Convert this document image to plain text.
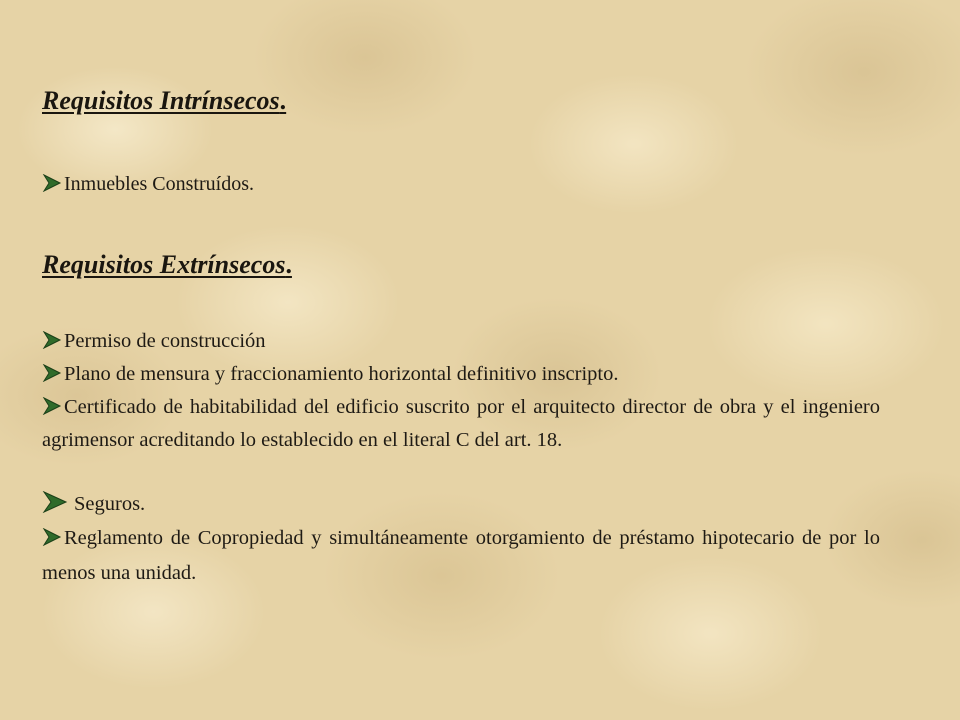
Requisitos Intrínsecos.

Inmuebles Construídos.

Requisitos Extrínsecos.

Permiso de construcción

Plano de mensura y fraccionamiento horizontal definitivo inscripto.

Certificado de habitabilidad del edificio suscrito por el arquitecto director de obra y el ingeniero agrimensor acreditando lo establecido en el literal C del art. 18.

Seguros.

Reglamento de Copropiedad y simultáneamente otorgamiento de préstamo hipotecario de por lo menos una unidad.
